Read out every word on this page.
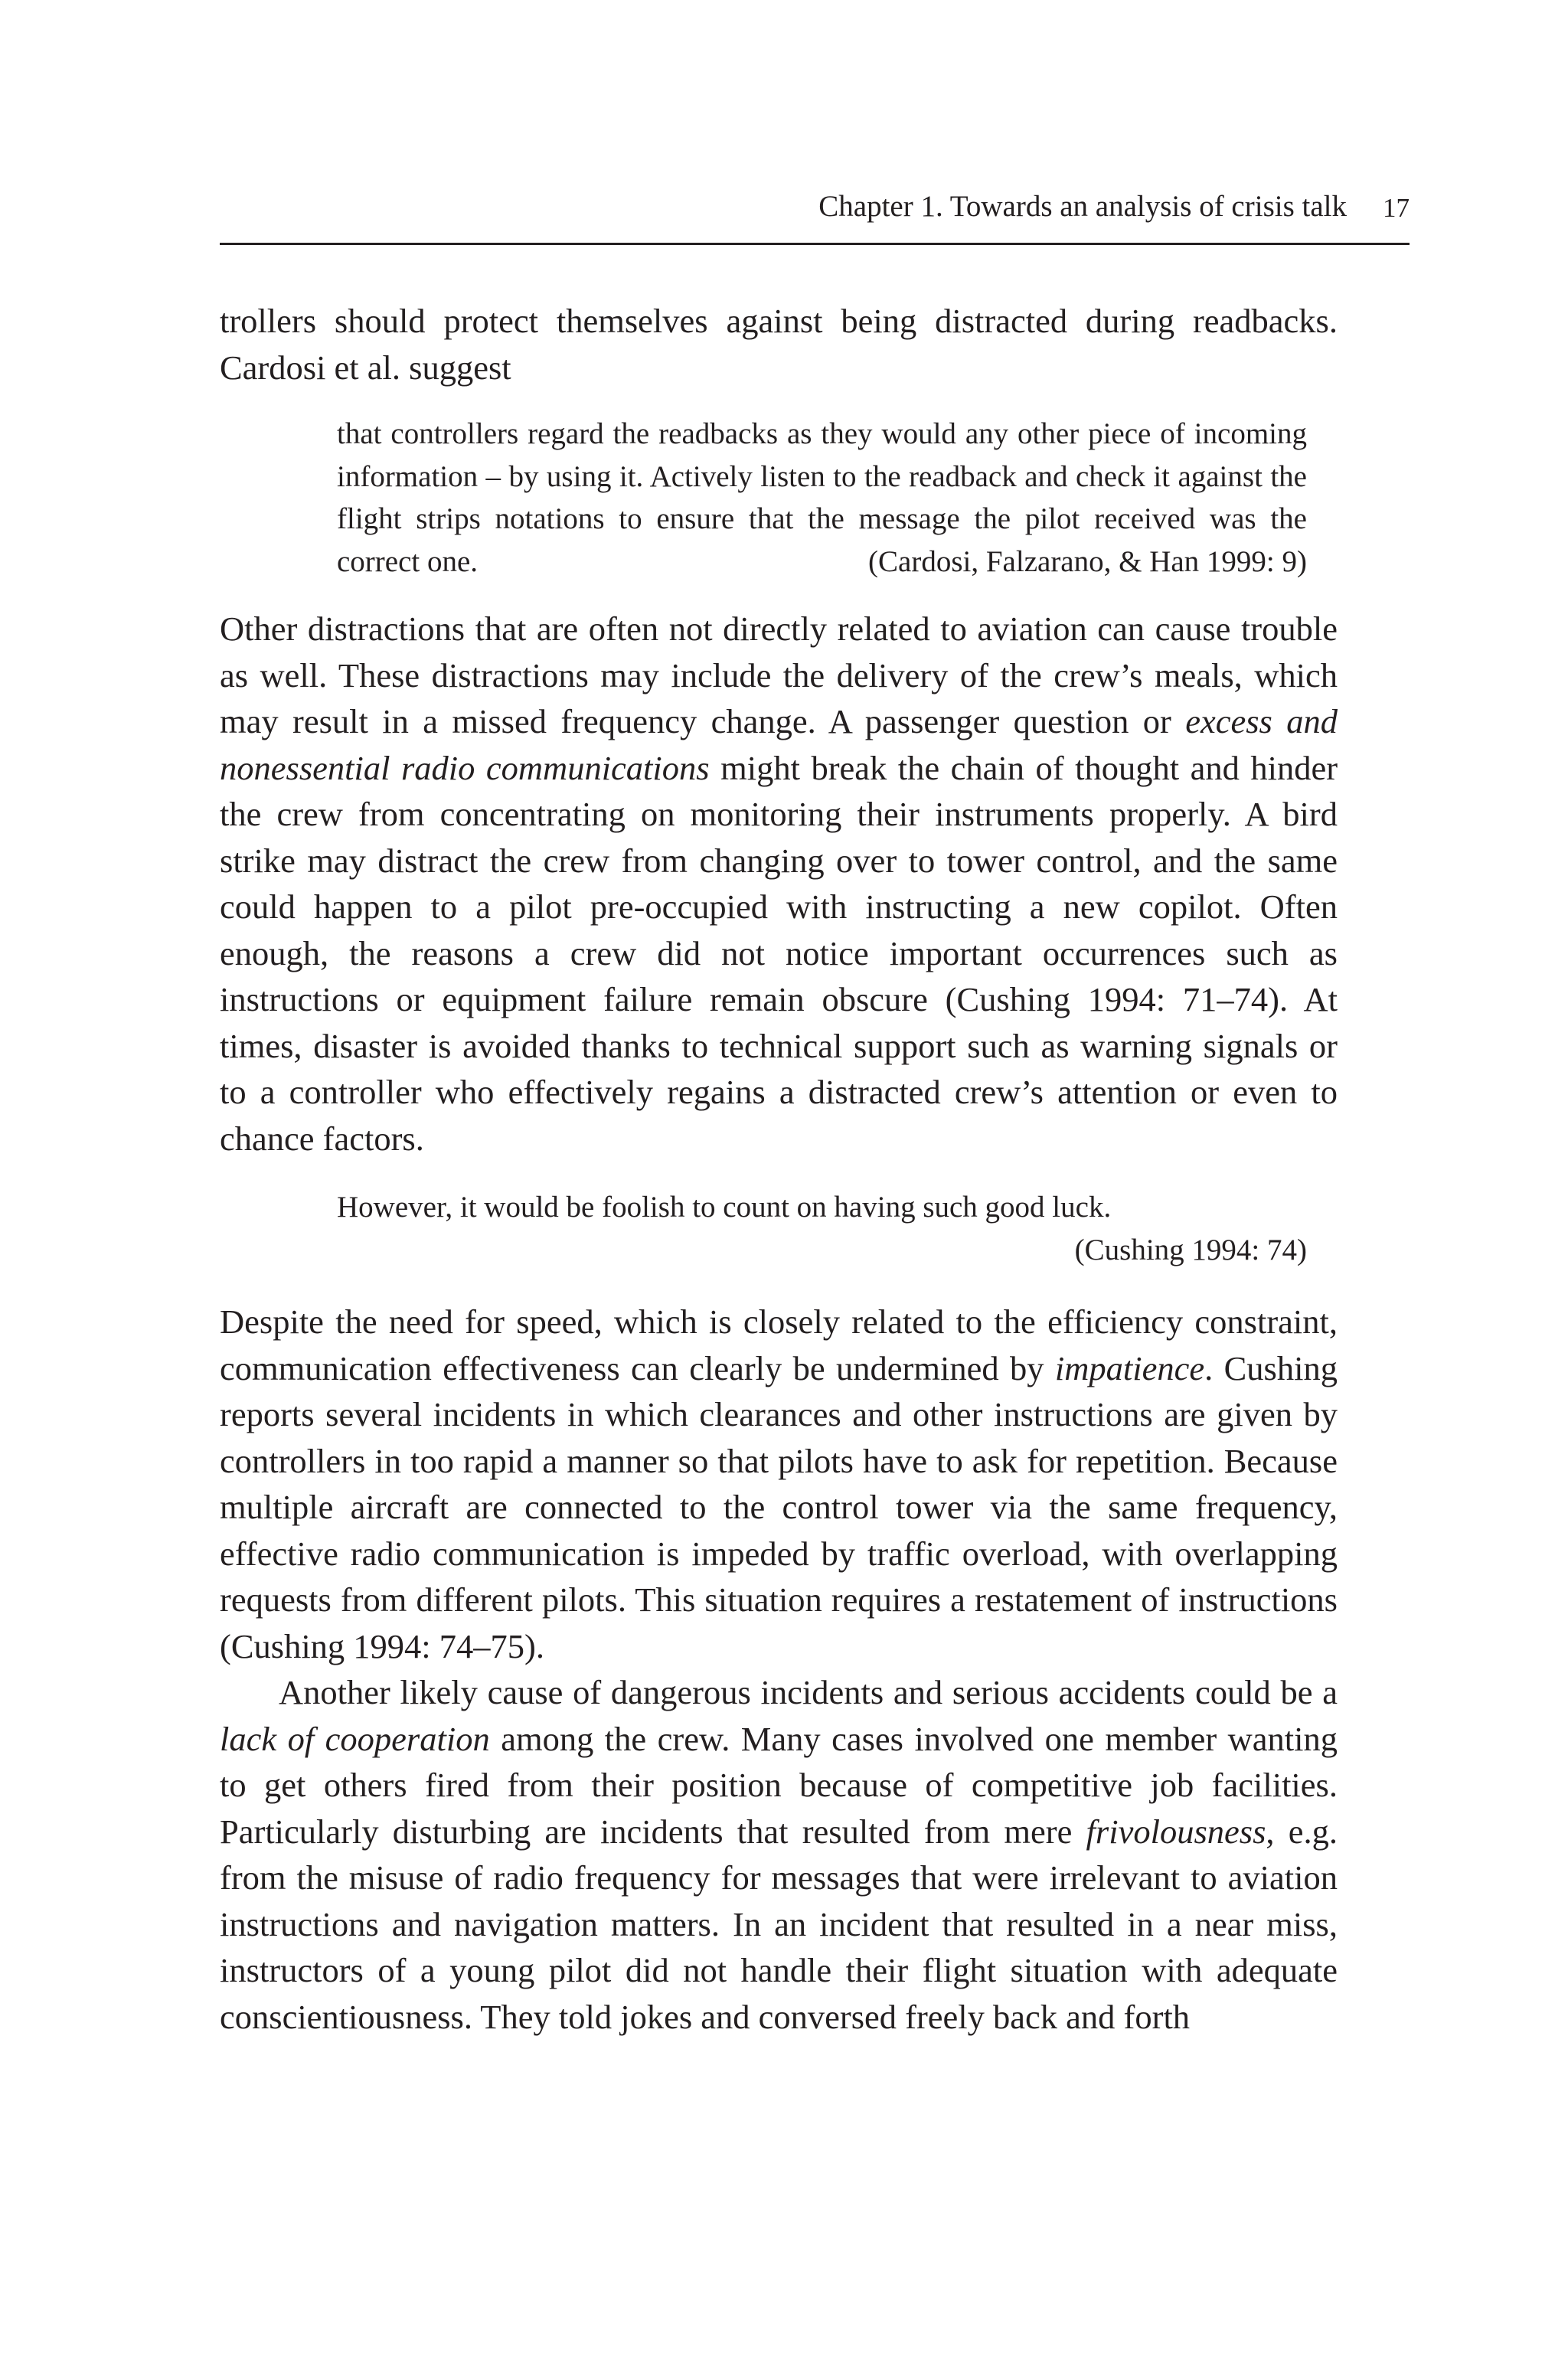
Chapter 1. Towards an analysis of crisis talk 17

trollers should protect themselves against being distracted during readbacks. Cardosi et al. suggest

that controllers regard the readbacks as they would any other piece of incoming information – by using it. Actively listen to the readback and check it against the flight strips notations to ensure that the message the pilot received was the correct one.	(Cardosi, Falzarano, & Han 1999: 9)

Other distractions that are often not directly related to aviation can cause trouble as well. These distractions may include the delivery of the crew’s meals, which may result in a missed frequency change. A passenger question or excess and nonessential radio communications might break the chain of thought and hinder the crew from concentrating on monitoring their instruments properly. A bird strike may distract the crew from changing over to tower control, and the same could happen to a pilot pre-occupied with instructing a new copilot. Often enough, the reasons a crew did not notice important occurrences such as instructions or equipment failure remain obscure (Cushing 1994: 71–74). At times, disaster is avoided thanks to technical support such as warning signals or to a controller who effectively regains a distracted crew’s attention or even to chance factors.

However, it would be foolish to count on having such good luck.
(Cushing 1994: 74)

Despite the need for speed, which is closely related to the efficiency constraint, communication effectiveness can clearly be undermined by impatience. Cushing reports several incidents in which clearances and other instructions are given by controllers in too rapid a manner so that pilots have to ask for repetition. Because multiple aircraft are connected to the control tower via the same frequency, effective radio communication is impeded by traffic overload, with overlapping requests from different pilots. This situation requires a restatement of instructions (Cushing 1994: 74–75).

Another likely cause of dangerous incidents and serious accidents could be a lack of cooperation among the crew. Many cases involved one member wanting to get others fired from their position because of competitive job facilities. Particularly disturbing are incidents that resulted from mere frivolousness, e.g. from the misuse of radio frequency for messages that were irrelevant to aviation instructions and navigation matters. In an incident that resulted in a near miss, instructors of a young pilot did not handle their flight situation with adequate conscientiousness. They told jokes and conversed freely back and forth
